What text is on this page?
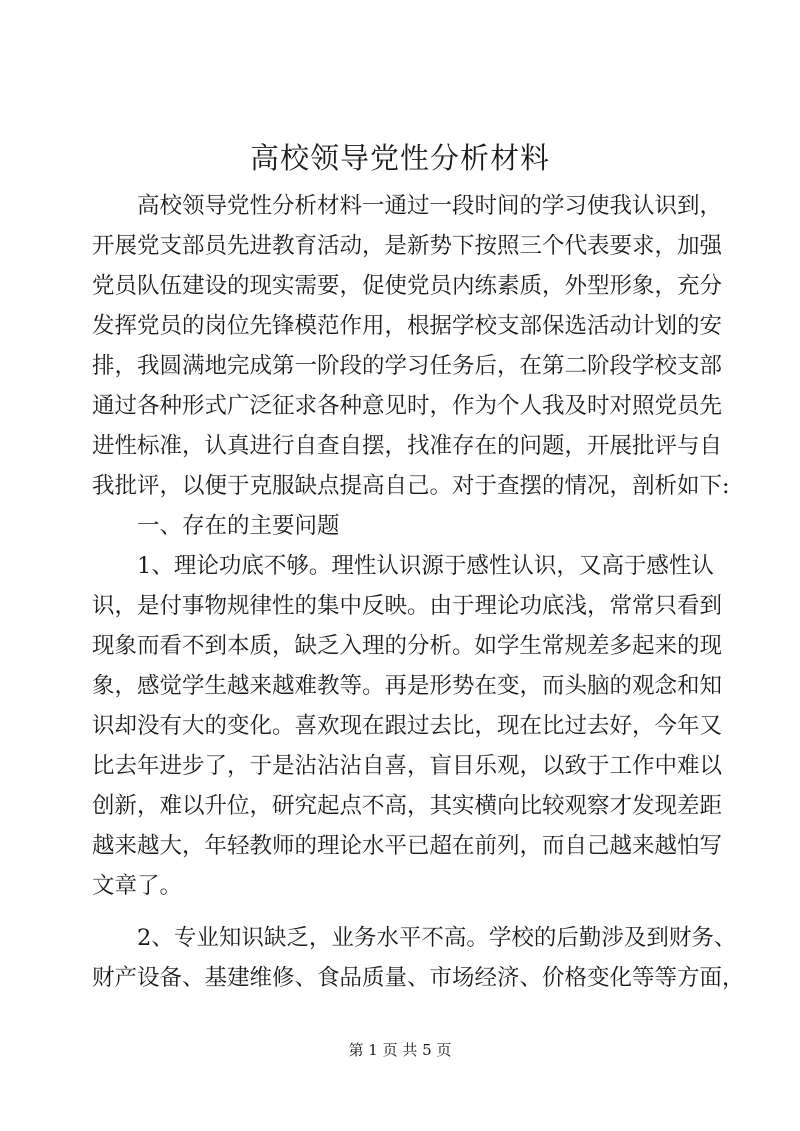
高校领导党性分析材料
高校领导党性分析材料一通过一段时间的学习使我认识到，
开展党支部员先进教育活动，是新势下按照三个代表要求，加强
党员队伍建设的现实需要，促使党员内练素质，外型形象，充分
发挥党员的岗位先锋模范作用，根据学校支部保选活动计划的安
排，我圆满地完成第一阶段的学习任务后，在第二阶段学校支部
通过各种形式广泛征求各种意见时，作为个人我及时对照党员先
进性标准，认真进行自查自摆，找准存在的问题，开展批评与自
我批评，以便于克服缺点提高自己。对于查摆的情况，剖析如下:
一、存在的主要问题
1、理论功底不够。理性认识源于感性认识，又高于感性认
识，是付事物规律性的集中反映。由于理论功底浅，常常只看到
现象而看不到本质，缺乏入理的分析。如学生常规差多起来的现
象，感觉学生越来越难教等。再是形势在变，而头脑的观念和知
识却没有大的变化。喜欢现在跟过去比，现在比过去好，今年又
比去年进步了，于是沾沾沾自喜，盲目乐观，以致于工作中难以
创新，难以升位，研究起点不高，其实横向比较观察才发现差距
越来越大，年轻教师的理论水平已超在前列，而自己越来越怕写
文章了。
2、专业知识缺乏，业务水平不高。学校的后勤涉及到财务、
财产设备、基建维修、食品质量、市场经济、价格变化等等方面，
第 1 页 共 5 页
